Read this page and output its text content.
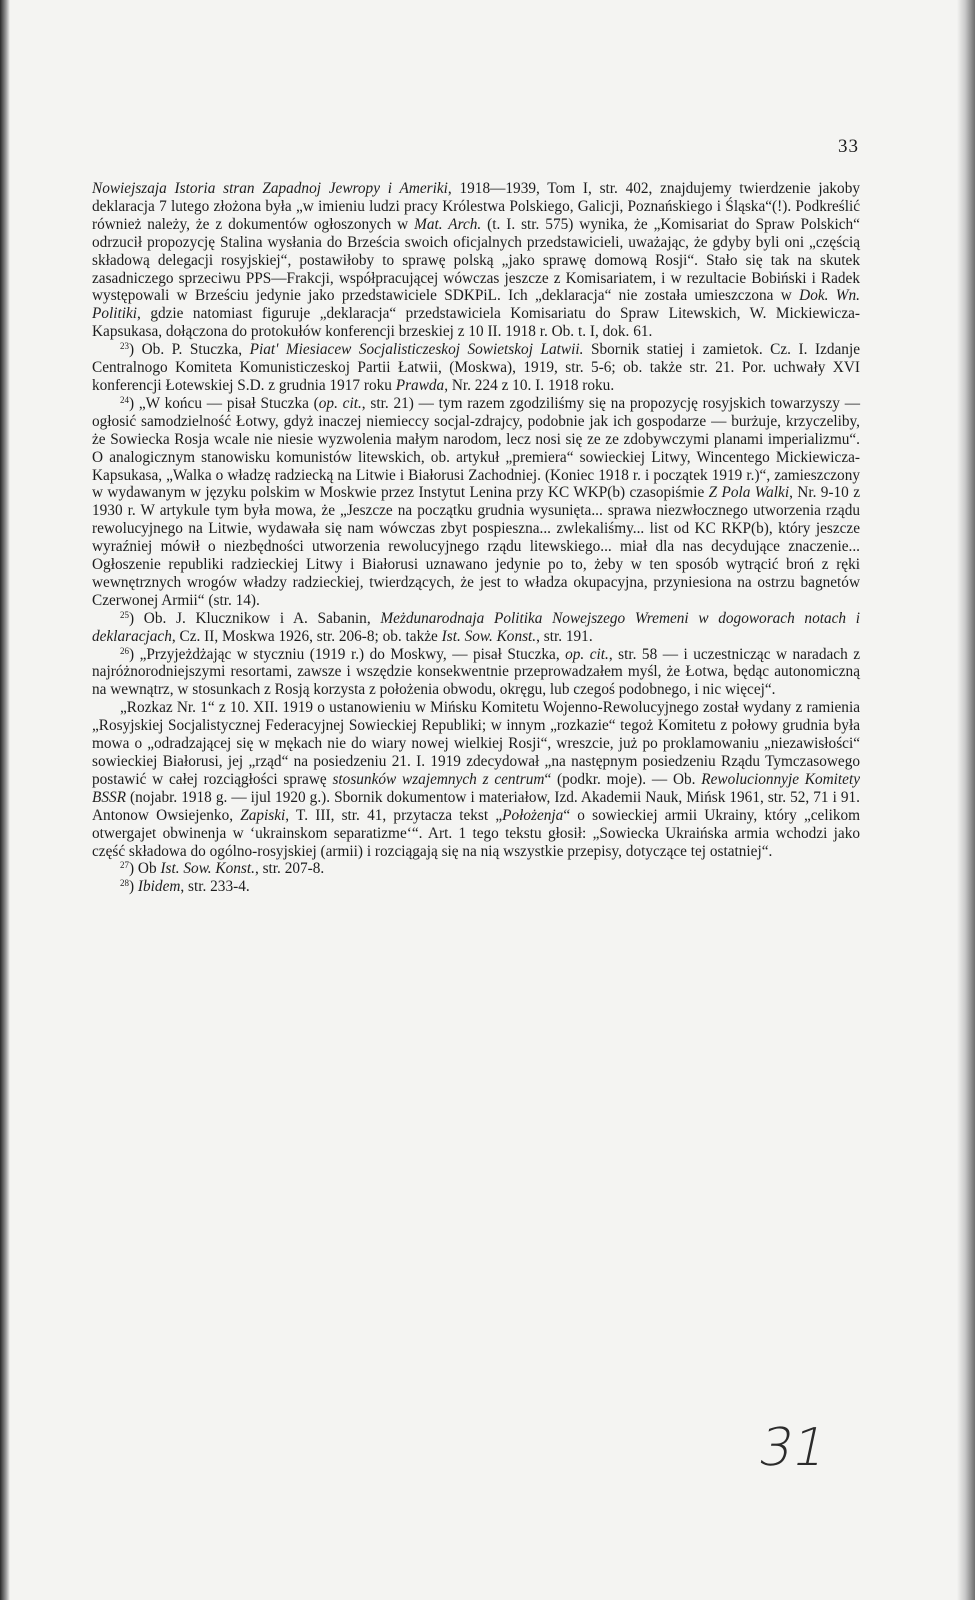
33

Nowiejszaja Istoria stran Zapadnoj Jewropy i Ameriki, 1918—1939, Tom I, str. 402, znajdujemy twierdzenie jakoby deklaracja 7 lutego złożona była „w imieniu ludzi pracy Królestwa Polskiego, Galicji, Poznańskiego i Śląska“(!). Podkreślić również należy, że z dokumentów ogłoszonych w Mat. Arch. (t. I. str. 575) wynika, że „Komisariat do Spraw Polskich“ odrzucił propozycję Stalina wysłania do Brześcia swoich oficjalnych przedstawicieli, uważając, że gdyby byli oni „częścią składową delegacji rosyjskiej“, postawiłoby to sprawę polską „jako sprawę domową Rosji“. Stało się tak na skutek zasadniczego sprzeciwu PPS—Frakcji, współpracującej wówczas jeszcze z Komisariatem, i w rezultacie Bobiński i Radek występowali w Brześciu jedynie jako przedstawiciele SDKPiL. Ich „deklaracja“ nie została umieszczona w Dok. Wn. Politiki, gdzie natomiast figuruje „deklaracja“ przedstawiciela Komisariatu do Spraw Litewskich, W. Mickiewicza-Kapsukasa, dołączona do protokułów konferencji brzeskiej z 10 II. 1918 r. Ob. t. I, dok. 61.

$^{23}$) Ob. P. Stuczka, Piat' Miesiacew Socjalisticzeskoj Sowietskoj Latwii. Sbornik statiej i zamietok. Cz. I. Izdanje Centralnogo Komiteta Komunisticzeskoj Partii Łatwii, (Moskwa), 1919, str. 5-6; ob. także str. 21. Por. uchwały XVI konferencji Łotewskiej S.D. z grudnia 1917 roku Prawda, Nr. 224 z 10. I. 1918 roku.

$^{24}$) „W końcu — pisał Stuczka (op. cit., str. 21) — tym razem zgodziliśmy się na propozycję rosyjskich towarzyszy — ogłosić samodzielność Łotwy, gdyż inaczej niemieccy socjal-zdrajcy, podobnie jak ich gospodarze — burżuje, krzyczeliby, że Sowiecka Rosja wcale nie niesie wyzwolenia małym narodom, lecz nosi się ze ze zdobywczymi planami imperializmu“. O analogicznym stanowisku komunistów litewskich, ob. artykuł „premiera“ sowieckiej Litwy, Wincentego Mickiewicza-Kapsukasa, „Walka o władzę radziecką na Litwie i Białorusi Zachodniej. (Koniec 1918 r. i początek 1919 r.)“, zamieszczony w wydawanym w języku polskim w Moskwie przez Instytut Lenina przy KC WKP(b) czasopiśmie Z Pola Walki, Nr. 9-10 z 1930 r. W artykule tym była mowa, że „Jeszcze na początku grudnia wysunięta... sprawa niezwłocznego utworzenia rządu rewolucyjnego na Litwie, wydawała się nam wówczas zbyt pospieszna... zwlekaliśmy... list od KC RKP(b), który jeszcze wyraźniej mówił o niezbędności utworzenia rewolucyjnego rządu litewskiego... miał dla nas decydujące znaczenie... Ogłoszenie republiki radzieckiej Litwy i Białorusi uznawano jedynie po to, żeby w ten sposób wytrącić broń z ręki wewnętrznych wrogów władzy radzieckiej, twierdzących, że jest to władza okupacyjna, przyniesiona na ostrzu bagnetów Czerwonej Armii“ (str. 14).

$^{25}$) Ob. J. Klucznikow i A. Sabanin, Meżdunarodnaja Politika Nowejszego Wremeni w dogoworach notach i deklaracjach, Cz. II, Moskwa 1926, str. 206-8; ob. także Ist. Sow. Konst., str. 191.

$^{26}$) „Przyjeżdżając w styczniu (1919 r.) do Moskwy, — pisał Stuczka, op. cit., str. 58 — i uczestnicząc w naradach z najróżnorodniejszymi resortami, zawsze i wszędzie konsekwentnie przeprowadzałem myśl, że Łotwa, będąc autonomiczną na wewnątrz, w stosunkach z Rosją korzysta z położenia obwodu, okręgu, lub czegoś podobnego, i nic więcej“.

„Rozkaz Nr. 1“ z 10. XII. 1919 o ustanowieniu w Mińsku Komitetu Wojenno-Rewolucyjnego został wydany z ramienia „Rosyjskiej Socjalistycznej Federacyjnej Sowieckiej Republiki; w innym „rozkazie“ tegoż Komitetu z połowy grudnia była mowa o „odradzającej się w mękach nie do wiary nowej wielkiej Rosji“, wreszcie, już po proklamowaniu „niezawisłości“ sowieckiej Białorusi, jej „rząd“ na posiedzeniu 21. I. 1919 zdecydował „na następnym posiedzeniu Rządu Tymczasowego postawić w całej rozciągłości sprawę stosunków wzajemnych z centrum“ (podkr. moje). — Ob. Rewolucionnyje Komitety BSSR (nojabr. 1918 g. — ijul 1920 g.). Sbornik dokumentow i materiałow, Izd. Akademii Nauk, Mińsk 1961, str. 52, 71 i 91. Antonow Owsiejenko, Zapiski, T. III, str. 41, przytacza tekst „Położenja“ o sowieckiej armii Ukrainy, który „celikom otwergajet obwinenja w ‘ukrainskom separatizme‘“. Art. 1 tego tekstu głosił: „Sowiecka Ukraińska armia wchodzi jako część składowa do ogólno-rosyjskiej (armii) i rozciągają się na nią wszystkie przepisy, dotyczące tej ostatniej“.

$^{27}$) Ob Ist. Sow. Konst., str. 207-8.

$^{28}$) Ibidem, str. 233-4.

31
